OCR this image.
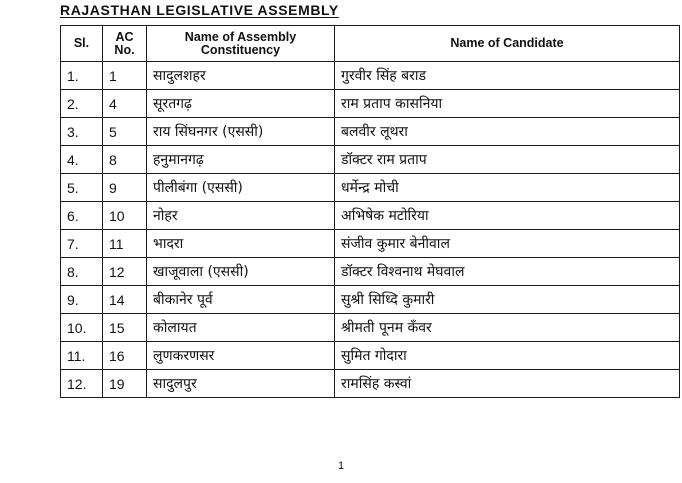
RAJASTHAN LEGISLATIVE ASSEMBLY
Sl.	AC No.	Name of Assembly Constituency	Name of Candidate
1.	1	सादुलशहर	गुरवीर सिंह बराड
2.	4	सूरतगढ़	राम प्रताप कासनिया
3.	5	राय सिंघनगर (एससी)	बलवीर लूथरा
4.	8	हनुमानगढ़	डॉक्टर राम प्रताप
5.	9	पीलीबंगा (एससी)	धर्मेन्द्र मोची
6.	10	नोहर	अभिषेक मटोरिया
7.	11	भादरा	संजीव कुमार बेनीवाल
8.	12	खाजूवाला (एससी)	डॉक्टर विश्वनाथ मेघवाल
9.	14	बीकानेर पूर्व	सुश्री सिध्दि कुमारी
10.	15	कोलायत	श्रीमती पूनम कँवर
11.	16	लुणकरणसर	सुमित गोदारा
12.	19	सादुलपुर	रामसिंह कस्वां
1
